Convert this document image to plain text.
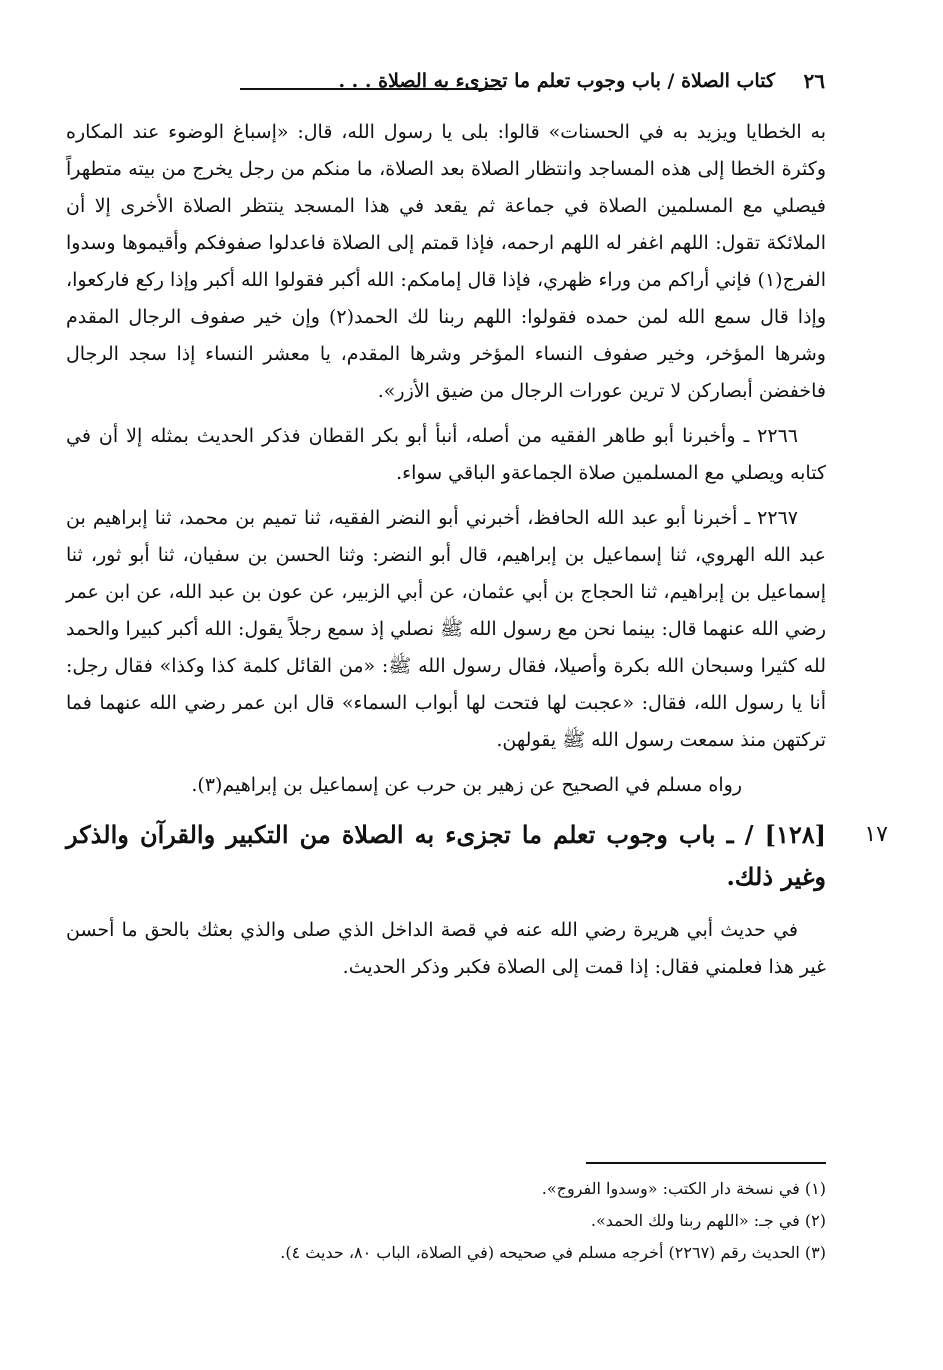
٢٦
كتاب الصلاة / باب وجوب تعلم ما تجزىء به الصلاة . . .

به الخطايا ويزيد به في الحسنات» قالوا: بلى يا رسول الله، قال: «إسباغ الوضوء عند المكاره وكثرة الخطا إلى هذه المساجد وانتظار الصلاة بعد الصلاة، ما منكم من رجل يخرج من بيته متطهراً فيصلي مع المسلمين الصلاة في جماعة ثم يقعد في هذا المسجد ينتظر الصلاة الأخرى إلا أن الملائكة تقول: اللهم اغفر له اللهم ارحمه، فإذا قمتم إلى الصلاة فاعدلوا صفوفكم وأقيموها وسدوا الفرج(١) فإني أراكم من وراء ظهري، فإذا قال إمامكم: الله أكبر فقولوا الله أكبر وإذا ركع فاركعوا، وإذا قال سمع الله لمن حمده فقولوا: اللهم ربنا لك الحمد(٢) وإن خير صفوف الرجال المقدم وشرها المؤخر، وخير صفوف النساء المؤخر وشرها المقدم، يا معشر النساء إذا سجد الرجال فاخفضن أبصاركن لا ترين عورات الرجال من ضيق الأزر».

٢٢٦٦ ـ وأخبرنا أبو طاهر الفقيه من أصله، أنبأ أبو بكر القطان فذكر الحديث بمثله إلا أن في كتابه ويصلي مع المسلمين صلاة الجماعةو الباقي سواء.

٢٢٦٧ ـ أخبرنا أبو عبد الله الحافظ، أخبرني أبو النضر الفقيه، ثنا تميم بن محمد، ثنا إبراهيم بن عبد الله الهروي، ثنا إسماعيل بن إبراهيم، قال أبو النضر: وثنا الحسن بن سفيان، ثنا أبو ثور، ثنا إسماعيل بن إبراهيم، ثنا الحجاج بن أبي عثمان، عن أبي الزبير، عن عون بن عبد الله، عن ابن عمر رضي الله عنهما قال: بينما نحن مع رسول الله ﷺ نصلي إذ سمع رجلاً يقول: الله أكبر كبيرا والحمد لله كثيرا وسبحان الله بكرة وأصيلا، فقال رسول الله ﷺ: «من القائل كلمة كذا وكذا» فقال رجل: أنا يا رسول الله، فقال: «عجبت لها فتحت لها أبواب السماء» قال ابن عمر رضي الله عنهما فما تركتهن منذ سمعت رسول الله ﷺ يقولهن.

رواه مسلم في الصحيح عن زهير بن حرب عن إسماعيل بن إبراهيم(٣).

١٧
[١٢٨] / ـ باب وجوب تعلم ما تجزىء به الصلاة من التكبير والقرآن والذكر وغير ذلك.

في حديث أبي هريرة رضي الله عنه في قصة الداخل الذي صلى والذي بعثك بالحق ما أحسن غير هذا فعلمني فقال: إذا قمت إلى الصلاة فكبر وذكر الحديث.

(١) في نسخة دار الكتب: «وسدوا الفروج».

(٢) في جـ: «اللهم ربنا ولك الحمد».

(٣) الحديث رقم (٢٢٦٧) أخرجه مسلم في صحيحه (في الصلاة، الباب ٨٠، حديث ٤).
